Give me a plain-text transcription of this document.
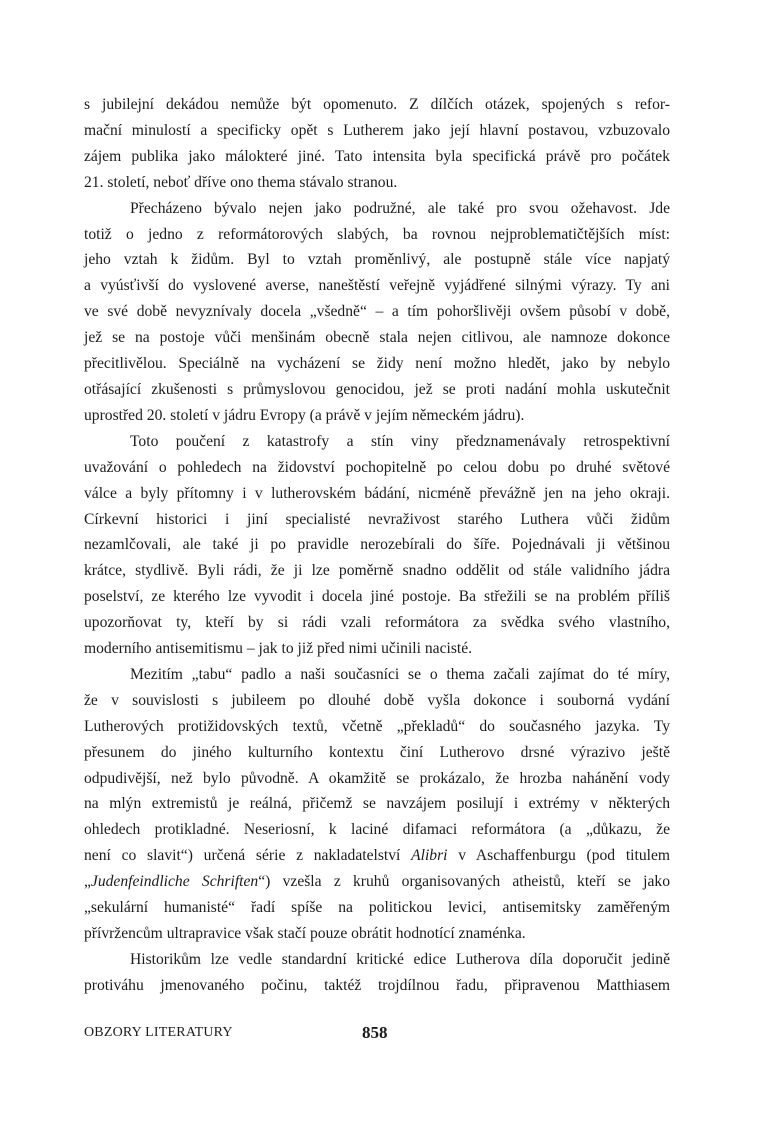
s jubilejní dekádou nemůže být opomenuto. Z dílčích otázek, spojených s refor-
mační minulostí a specificky opět s Lutherem jako její hlavní postavou, vzbuzovalo
zájem publika jako málokteré jiné. Tato intensita byla specifická právě pro počátek
21. století, neboť dříve ono thema stávalo stranou.

Přecházeno bývalo nejen jako podružné, ale také pro svou ožehavost. Jde
totiž o jedno z reformátorových slabých, ba rovnou nejproblematičtějších míst:
jeho vztah k židům. Byl to vztah proměnlivý, ale postupně stále více napjatý
a vyúsťivší do vyslovené averse, naneštěstí veřejně vyjádřené silnými výrazy. Ty ani
ve své době nevyznívaly docela „všedně“ – a tím pohoršlivěji ovšem působí v době,
jež se na postoje vůči menšinám obecně stala nejen citlivou, ale namnoze dokonce
přecitlivělou. Speciálně na vycházení se židy není možno hledět, jako by nebylo
otřásající zkušenosti s průmyslovou genocidou, jež se proti nadání mohla uskutečnit
uprostřed 20. století v jádru Evropy (a právě v jejím německém jádru).

Toto poučení z katastrofy a stín viny předznamenávaly retrospektivní
uvažování o pohledech na židovství pochopitelně po celou dobu po druhé světové
válce a byly přítomny i v lutherovském bádání, nicméně převážně jen na jeho okraji.
Církevní historici i jiní specialisté nevraživost starého Luthera vůči židům
nezamlčovali, ale také ji po pravidle nerozebírali do šíře. Pojednávali ji většinou
krátce, stydlivě. Byli rádi, že ji lze poměrně snadno oddělit od stále validního jádra
poselství, ze kterého lze vyvodit i docela jiné postoje. Ba střežili se na problém příliš
upozorňovat ty, kteří by si rádi vzali reformátora za svědka svého vlastního,
moderního antisemitismu – jak to již před nimi učinili nacisté.

Mezitím „tabu“ padlo a naši současníci se o thema začali zajímat do té míry,
že v souvislosti s jubileem po dlouhé době vyšla dokonce i souborná vydání
Lutherových protižidovských textů, včetně „překladů“ do současného jazyka. Ty
přesunem do jiného kulturního kontextu činí Lutherovo drsné výrazivo ještě
odpudivější, než bylo původně. A okamžitě se prokázalo, že hrozba nahánění vody
na mlýn extremistů je reálná, přičemž se navzájem posilují i extrémy v některých
ohledech protikladné. Neseriosní, k laciné difamaci reformátora (a „důkazu, že
není co slavit“) určená série z nakladatelství Alibri v Aschaffenburgu (pod titulem
„Judenfeindliche Schriften“) vzešla z kruhů organisovaných atheistů, kteří se jako
„sekulární humanisté“ řadí spíše na politickou levici, antisemitsky zaměřeným
přívržencům ultrapravice však stačí pouze obrátit hodnotící znaménka.

Historikům lze vedle standardní kritické edice Lutherova díla doporučit jedině
protiváhu jmenovaného počinu, taktéž trojdílnou řadu, připravenou Matthiasem

OBZORY LITERATURY	858
